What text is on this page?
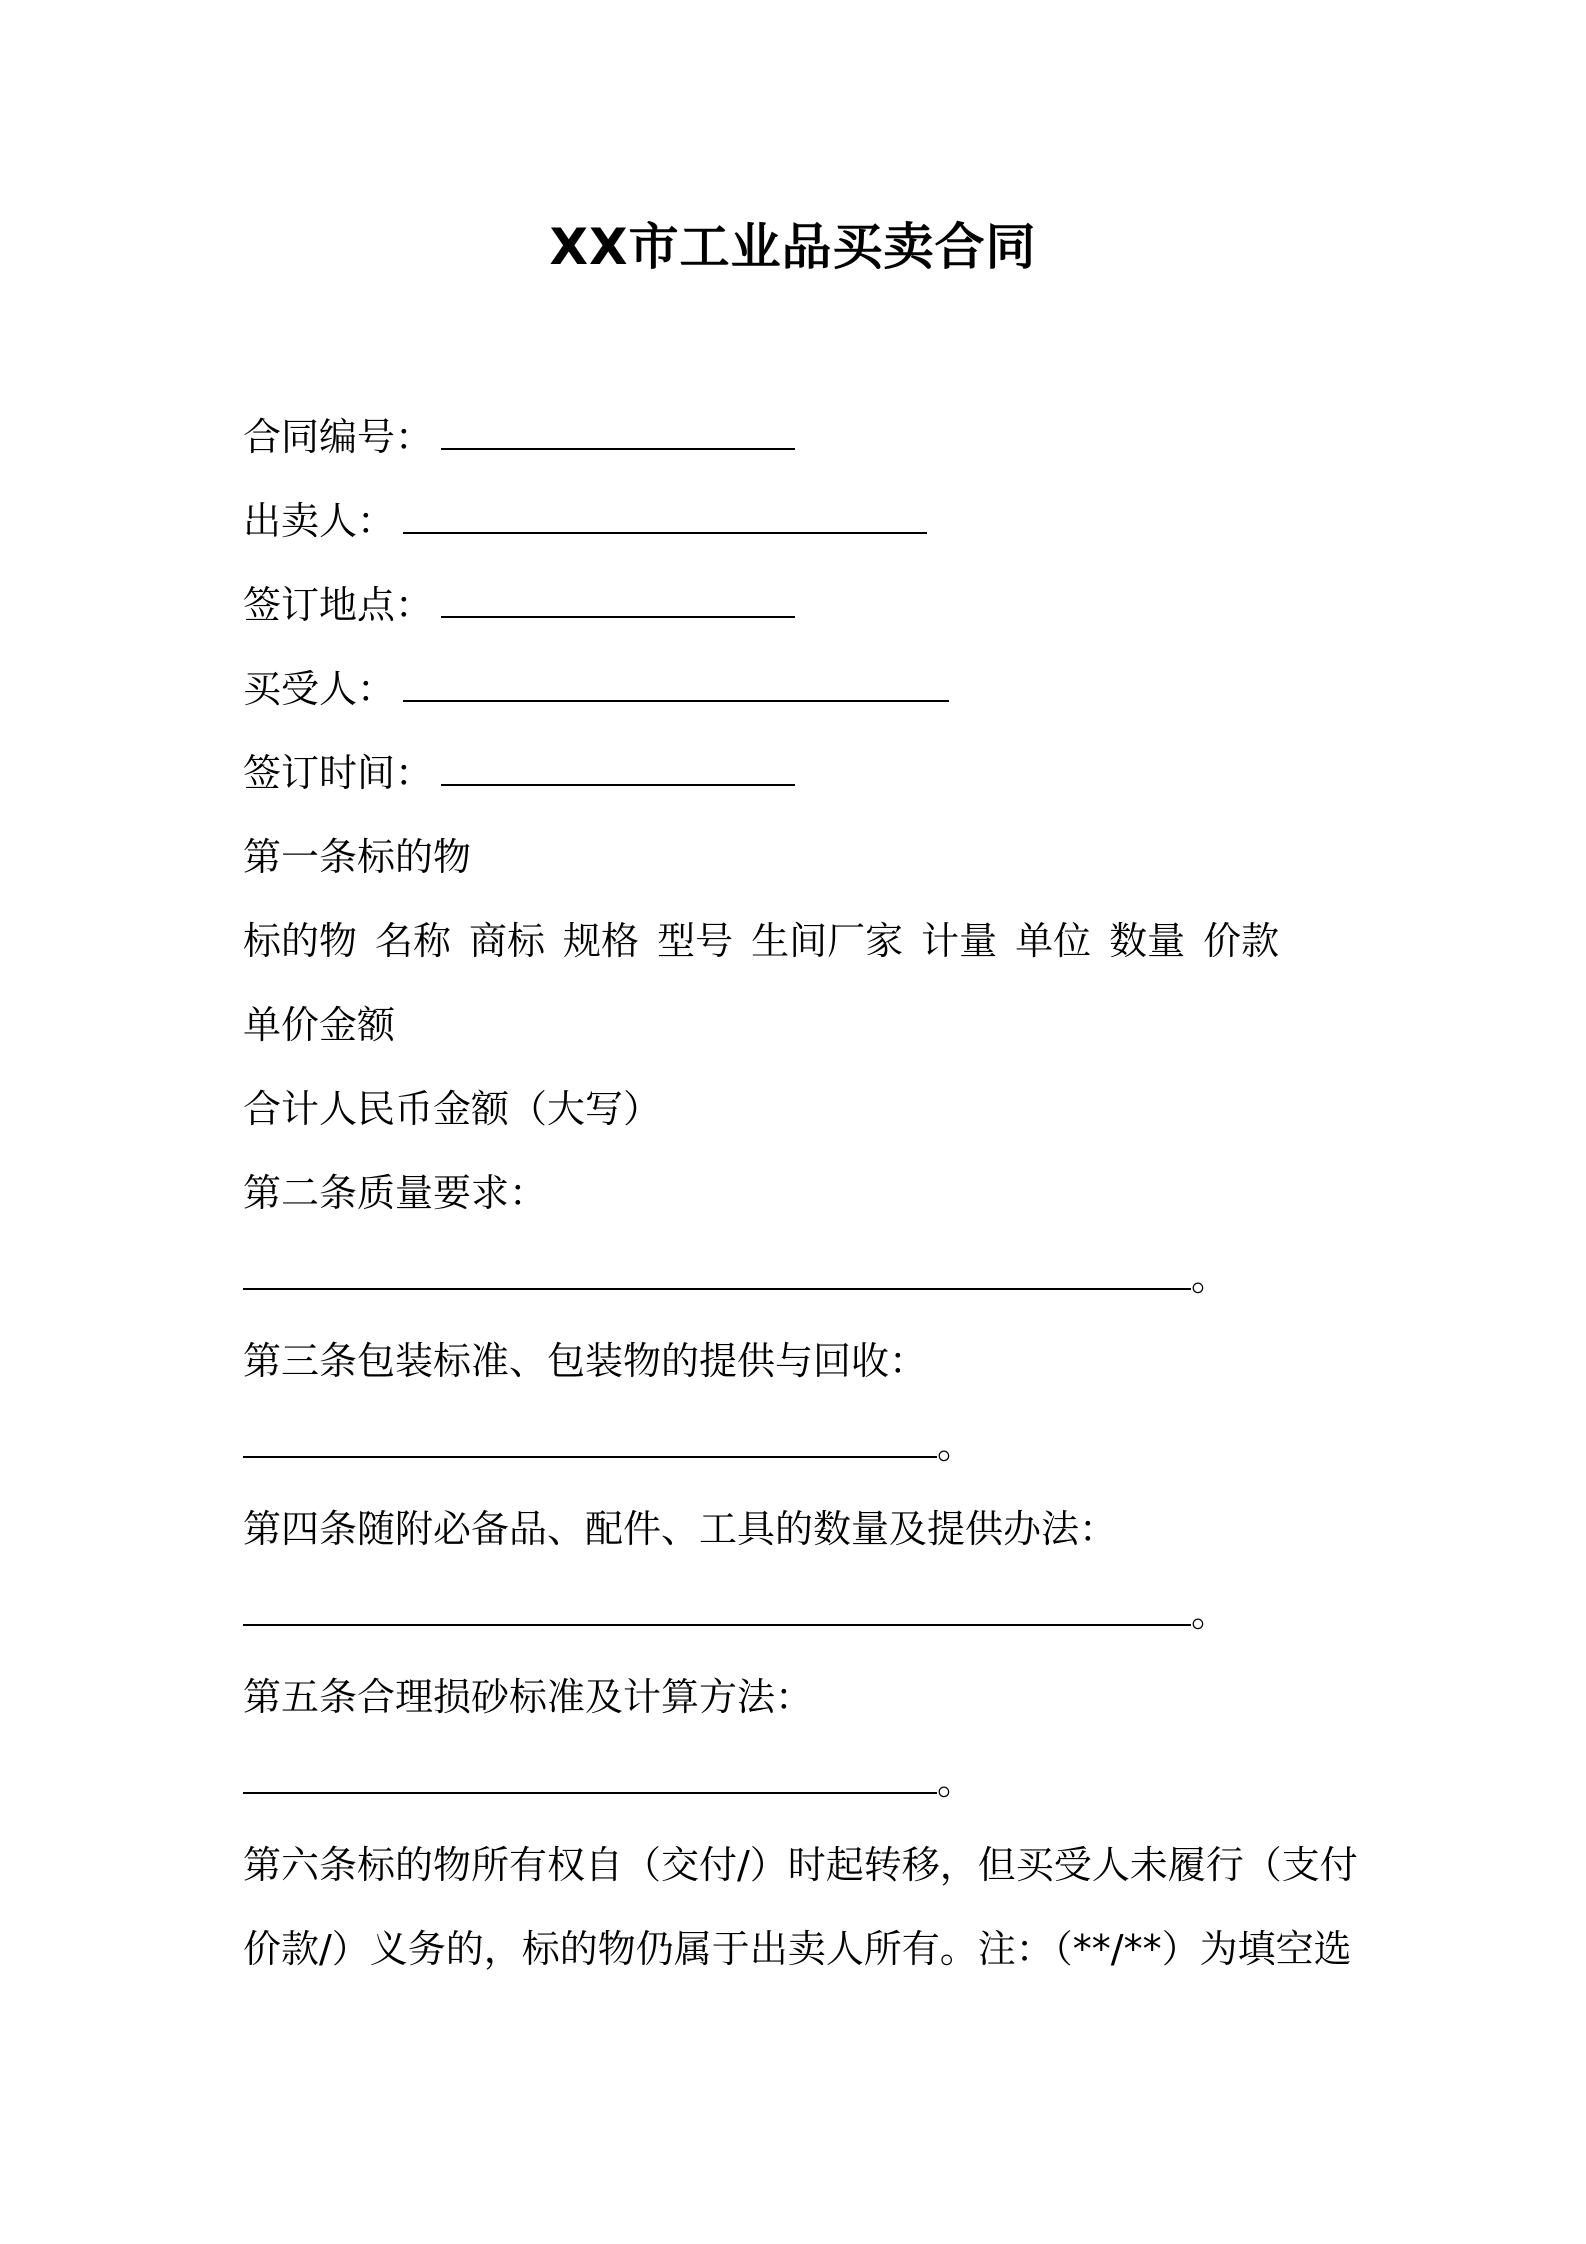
XX市工业品买卖合同
合同编号：
出卖人：
签订地点：
买受人：
签订时间：
第一条标的物
标的物 名称 商标 规格 型号 生间厂家 计量 单位 数量 价款
单价金额
合计人民币金额（大写）
第二条质量要求：
。
第三条包装标准、包装物的提供与回收：
。
第四条随附必备品、配件、工具的数量及提供办法：
。
第五条合理损砂标准及计算方法：
。
第六条标的物所有权自（交付/）时起转移，但买受人未履行（支付
价款/）义务的，标的物仍属于出卖人所有。注：（**/**）为填空选
